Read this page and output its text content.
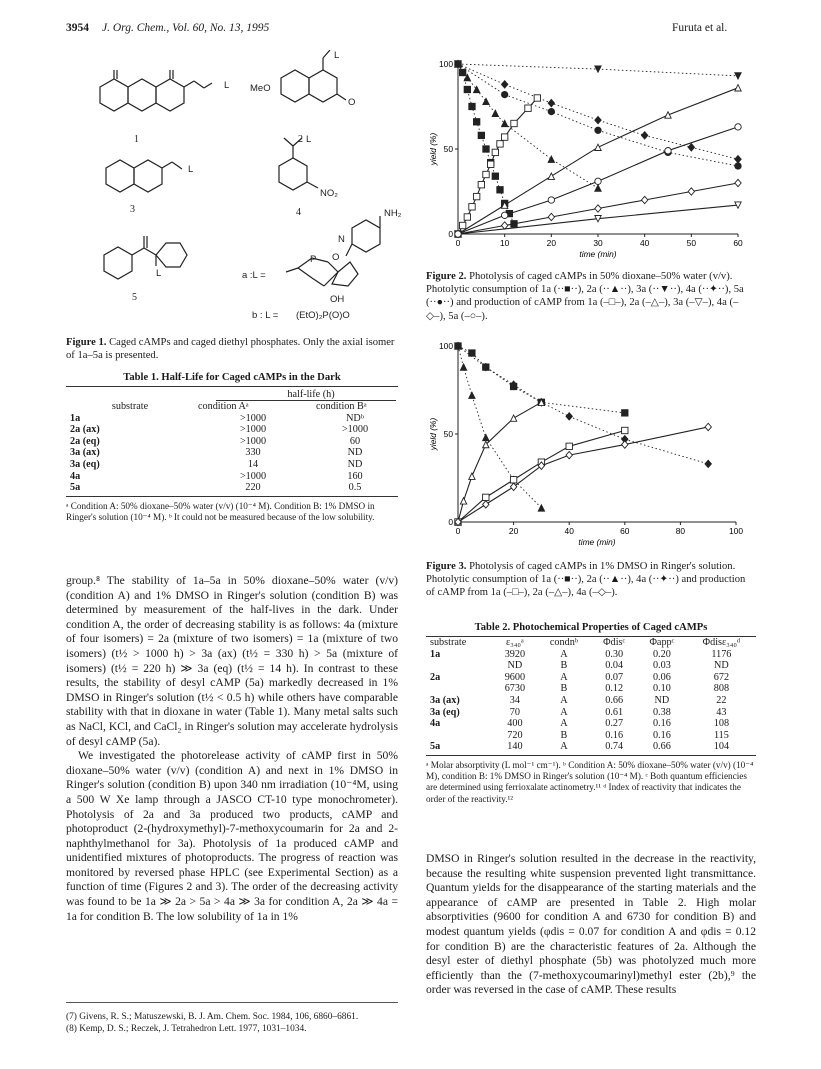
3954 J. Org. Chem., Vol. 60, No. 13, 1995	Furuta et al.
L
L
MeO
O
L
L
NO₂
L
P O
OH
NH₂
N
a :L =
b : L = (EtO)₂P(O)O
1	2
3	4
5
Figure 1. Caged cAMPs and caged diethyl phosphates. Only the axial isomer of 1a–5a is presented.
Table 1. Half-Life for Caged cAMPs in the Dark
half-life (h)
substrate	condition Aᵃ	condition Bᵃ
1a	>1000	NDᵇ
2a (ax)	>1000	>1000
2a (eq)	>1000	60
3a (ax)	330	ND
3a (eq)	14	ND
4a	>1000	160
5a	220	0.5
ᵃ Condition A: 50% dioxane–50% water (v/v) (10⁻⁴ M). Condition B: 1% DMSO in Ringer's solution (10⁻⁴ M). ᵇ It could not be measured because of the low solubility.

group.⁸ The stability of 1a–5a in 50% dioxane–50% water (v/v) (condition A) and 1% DMSO in Ringer's solution (condition B) was determined by measurement of the half-lives in the dark. Under condition A, the order of decreasing stability is as follows: 4a (mixture of four isomers) = 2a (mixture of two isomers) = 1a (mixture of two isomers) (t½ > 1000 h) > 3a (ax) (t½ = 330 h) > 5a (mixture of isomers) (t½ = 220 h) ≫ 3a (eq) (t½ = 14 h). In contrast to these results, the stability of desyl cAMP (5a) markedly decreased in 1% DMSO in Ringer's solution (t½ < 0.5 h) while others have comparable stability with that in dioxane in water (Table 1). Many metal salts such as NaCl, KCl, and CaCl₂ in Ringer's solution may accelerate hydrolysis of desyl cAMP (5a).

We investigated the photorelease activity of cAMP first in 50% dioxane–50% water (v/v) (condition A) and next in 1% DMSO in Ringer's solution (condition B) upon 340 nm irradiation (10⁻⁴M, using a 500 W Xe lamp through a JASCO CT-10 type monochrometer). Photolysis of 2a and 3a produced two products, cAMP and photoproduct (2-(hydroxymethyl)-7-methoxycoumarin for 2a and 2-naphthylmethanol for 3a). Photolysis of 1a produced cAMP and unidentified mixtures of photoproducts. The progress of reaction was monitored by reversed phase HPLC (see Experimental Section) as a function of time (Figures 2 and 3). The order of the decreasing activity was found to be 1a ≫ 2a > 5a > 4a ≫ 3a for condition A, 2a ≫ 4a = 1a for condition B. The low solubility of 1a in 1%

(7) Givens, R. S.; Matuszewski, B. J. Am. Chem. Soc. 1984, 106, 6860–6861.
(8) Kemp, D. S.; Reczek, J. Tetrahedron Lett. 1977, 1031–1034.
0	10	20	30	40	50	60
0
50
100
time (min)
yield (%)
Figure 2. Photolysis of caged cAMPs in 50% dioxane–50% water (v/v). Photolytic consumption of 1a (··■··), 2a (··▲··), 3a (··▼··), 4a (··✦··), 5a (··●··) and production of cAMP from 1a (–□–), 2a (–△–), 3a (–▽–), 4a (–◇–), 5a (–○–).
0	20	40	60	80	100
0
50
100
time (min)
yield (%)
Figure 3. Photolysis of caged cAMPs in 1% DMSO in Ringer's solution. Photolytic consumption of 1a (··■··), 2a (··▲··), 4a (··✦··) and production of cAMP from 1a (–□–), 2a (–△–), 4a (–◇–).
Table 2. Photochemical Properties of Caged cAMPs
substrate	ε₃₄₀ᵃ	condnᵇ	Φdisᶜ	Φappᶜ	Φdisε₃₄₀ᵈ
1a	3920	A	0.30	0.20	1176
	ND	B	0.04	0.03	ND
2a	9600	A	0.07	0.06	672
	6730	B	0.12	0.10	808
3a (ax)	34	A	0.66	ND	22
3a (eq)	70	A	0.61	0.38	43
4a	400	A	0.27	0.16	108
	720	B	0.16	0.16	115
5a	140	A	0.74	0.66	104
ᵃ Molar absorptivity (L mol⁻¹ cm⁻¹). ᵇ Condition A: 50% dioxane–50% water (v/v) (10⁻⁴ M), condition B: 1% DMSO in Ringer's solution (10⁻⁴ M). ᶜ Both quantum efficiencies are determined using ferrioxalate actinometry.¹¹ ᵈ Index of reactivity that indicates the order of the reactivity.¹²

DMSO in Ringer's solution resulted in the decrease in the reactivity, because the resulting white suspension prevented light transmittance. Quantum yields for the disappearance of the starting materials and the appearance of cAMP are presented in Table 2. High molar absorptivities (9600 for condition A and 6730 for condition B) and modest quantum yields (φdis = 0.07 for condition A and φdis = 0.12 for condition B) are the characteristic features of 2a. Although the desyl ester of diethyl phosphate (5b) was photolyzed much more efficiently than the (7-methoxycoumarinyl)methyl ester (2b),⁹ the order was reversed in the case of cAMP. These results
